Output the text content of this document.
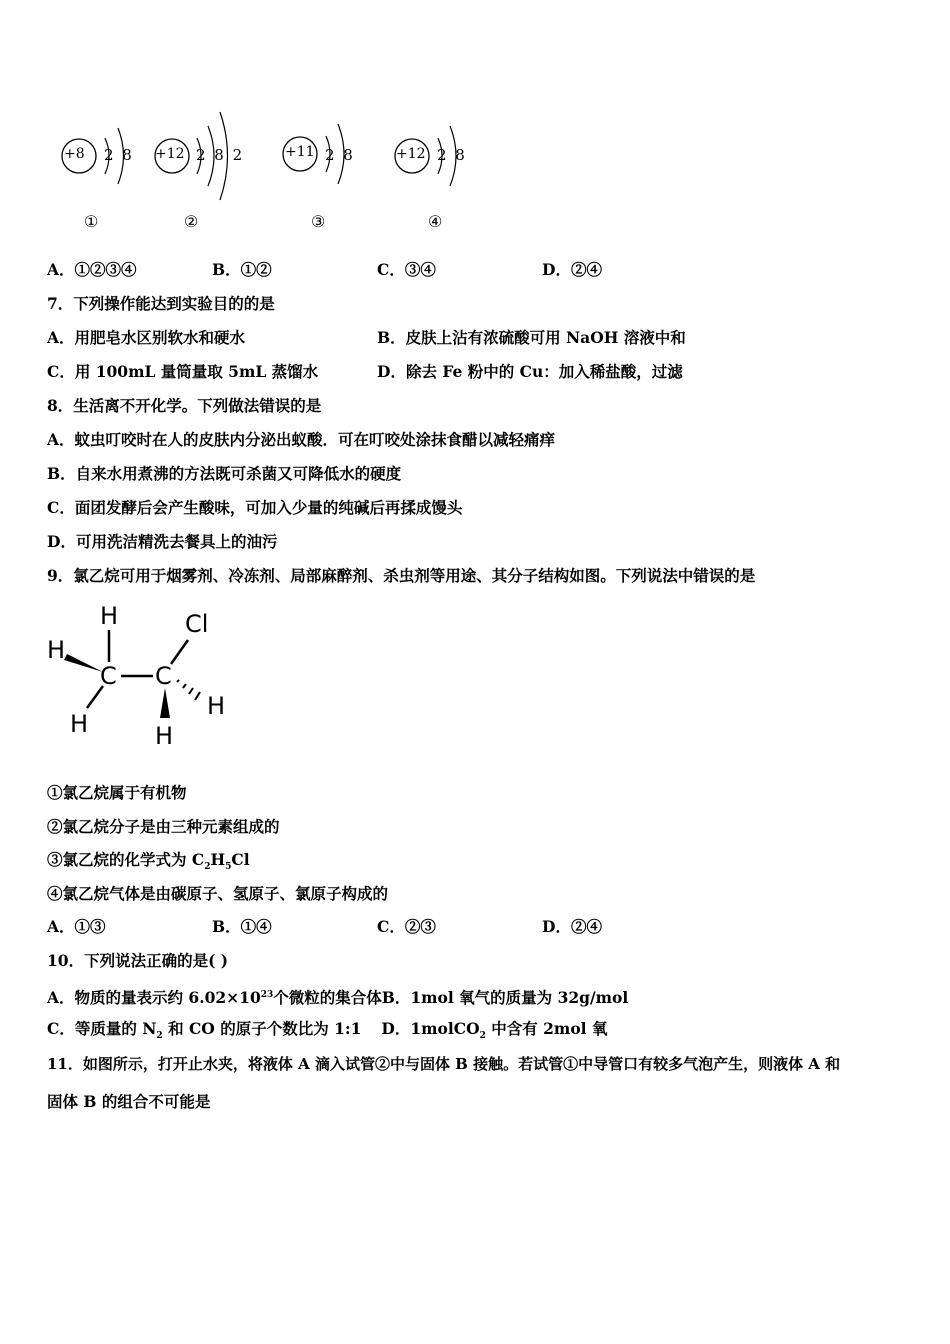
+8 2 8
①
+12 2 8 2
②
+11 2 8
③
+12 2 8
④
A．①②③④	B．①②	C．③④	D．②④
7．下列操作能达到实验目的的是
A．用肥皂水区别软水和硬水	B．皮肤上沾有浓硫酸可用 NaOH 溶液中和
C．用 100mL 量筒量取 5mL 蒸馏水	D．除去 Fe 粉中的 Cu：加入稀盐酸，过滤
8．生活离不开化学。下列做法错误的是
A．蚊虫叮咬时在人的皮肤内分泌出蚁酸．可在叮咬处涂抹食醋以减轻痛痒
B．自来水用煮沸的方法既可杀菌又可降低水的硬度
C．面团发酵后会产生酸味，可加入少量的纯碱后再揉成馒头
D．可用洗洁精洗去餐具上的油污
9．氯乙烷可用于烟雾剂、冷冻剂、局部麻醉剂、杀虫剂等用途、其分子结构如图。下列说法中错误的是
H	Cl
H
C C
H
H	H
①氯乙烷属于有机物
②氯乙烷分子是由三种元素组成的
③氯乙烷的化学式为 $C_2H_5Cl$
④氯乙烷气体是由碳原子、氢原子、氯原子构成的
A．①③	B．①④	C．②③	D．②④
10．下列说法正确的是( )
A．物质的量表示约 $6.02\times 10^{23}$个微粒的集合体B．1mol 氧气的质量为 32g/mol
C．等质量的 $N_2$ 和 CO 的原子个数比为 1:1 D．1molCO$_2$ 中含有 2mol 氧
11．如图所示，打开止水夹，将液体 A 滴入试管②中与固体 B 接触。若试管①中导管口有较多气泡产生，则液体 A 和
固体 B 的组合不可能是
